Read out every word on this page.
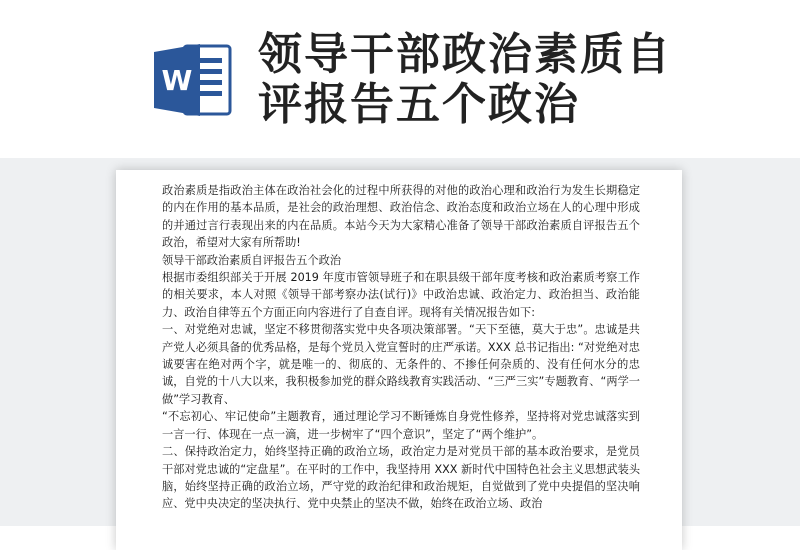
W
领导干部政治素质自评报告五个政治

政治素质是指政治主体在政治社会化的过程中所获得的对他的政治心理和政治行为发生长期稳定的内在作用的基本品质，是社会的政治理想、政治信念、政治态度和政治立场在人的心理中形成的并通过言行表现出来的内在品质。本站今天为大家精心准备了领导干部政治素质自评报告五个政治，希望对大家有所帮助!

领导干部政治素质自评报告五个政治

根据市委组织部关于开展 2019 年度市管领导班子和在职县级干部年度考核和政治素质考察工作的相关要求，本人对照《领导干部考察办法(试行)》中政治忠诚、政治定力、政治担当、政治能力、政治自律等五个方面正向内容进行了自查自评。现将有关情况报告如下:

一、对党绝对忠诚，坚定不移贯彻落实党中央各项决策部署。“天下至德，莫大于忠”。忠诚是共产党人必须具备的优秀品格，是每个党员入党宣誓时的庄严承诺。XXX 总书记指出: “对党绝对忠诚要害在绝对两个字，就是唯一的、彻底的、无条件的、不掺任何杂质的、没有任何水分的忠诚，自党的十八大以来，我积极参加党的群众路线教育实践活动、“三严三实”专题教育、“两学一做”学习教育、

“不忘初心、牢记使命”主题教育，通过理论学习不断锤炼自身党性修养，坚持将对党忠诚落实到一言一行、体现在一点一滴，进一步树牢了“四个意识”，坚定了“两个维护”。

二、保持政治定力，始终坚持正确的政治立场，政治定力是对党员干部的基本政治要求，是党员干部对党忠诚的“定盘星”。在平时的工作中，我坚持用 XXX 新时代中国特色社会主义思想武装头脑，始终坚持正确的政治立场，严守党的政治纪律和政治规矩，自觉做到了党中央提倡的坚决响应、党中央决定的坚决执行、党中央禁止的坚决不做，始终在政治立场、政治
